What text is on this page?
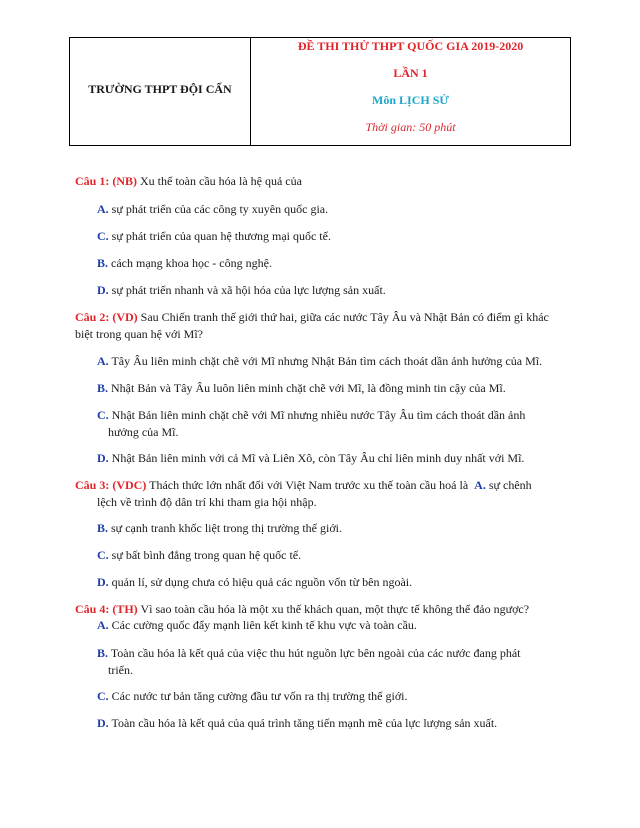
TRƯỜNG THPT ĐỘI CẤN
ĐỀ THI THỬ THPT QUỐC GIA 2019-2020
LẦN 1
Môn LỊCH SỬ
Thời gian: 50 phút

Câu 1: (NB) Xu thế toàn cầu hóa là hệ quả của

A. sự phát triển của các công ty xuyên quốc gia.

C. sự phát triển của quan hệ thương mại quốc tế.

B. cách mạng khoa học - công nghệ.

D. sự phát triển nhanh và xã hội hóa của lực lượng sản xuất.

Câu 2: (VD) Sau Chiến tranh thế giới thứ hai, giữa các nước Tây Âu và Nhật Bản có điểm gì khác biệt trong quan hệ với Mĩ?

A. Tây Âu liên minh chặt chẽ với Mĩ nhưng Nhật Bản tìm cách thoát dần ảnh hưởng của Mĩ.

B. Nhật Bản và Tây Âu luôn liên minh chặt chẽ với Mĩ, là đồng minh tin cậy của Mĩ.

C. Nhật Bản liên minh chặt chẽ với Mĩ nhưng nhiều nước Tây Âu tìm cách thoát dần ảnh
hưởng của Mĩ.

D. Nhật Bản liên minh với cả Mĩ và Liên Xô, còn Tây Âu chỉ liên minh duy nhất với Mĩ.

Câu 3: (VDC) Thách thức lớn nhất đối với Việt Nam trước xu thế toàn cầu hoá là A. sự chênh
lệch về trình độ dân trí khi tham gia hội nhập.

B. sự cạnh tranh khốc liệt trong thị trường thế giới.

C. sự bất bình đẳng trong quan hệ quốc tế.

D. quản lí, sử dụng chưa có hiệu quả các nguồn vốn từ bên ngoài.

Câu 4: (TH) Vì sao toàn cầu hóa là một xu thế khách quan, một thực tế không thể đảo ngược?

A. Các cường quốc đẩy mạnh liên kết kinh tế khu vực và toàn cầu.

B. Toàn cầu hóa là kết quả của việc thu hút nguồn lực bên ngoài của các nước đang phát
triển.

C. Các nước tư bản tăng cường đầu tư vốn ra thị trường thế giới.

D. Toàn cầu hóa là kết quả của quá trình tăng tiến mạnh mẽ của lực lượng sản xuất.
